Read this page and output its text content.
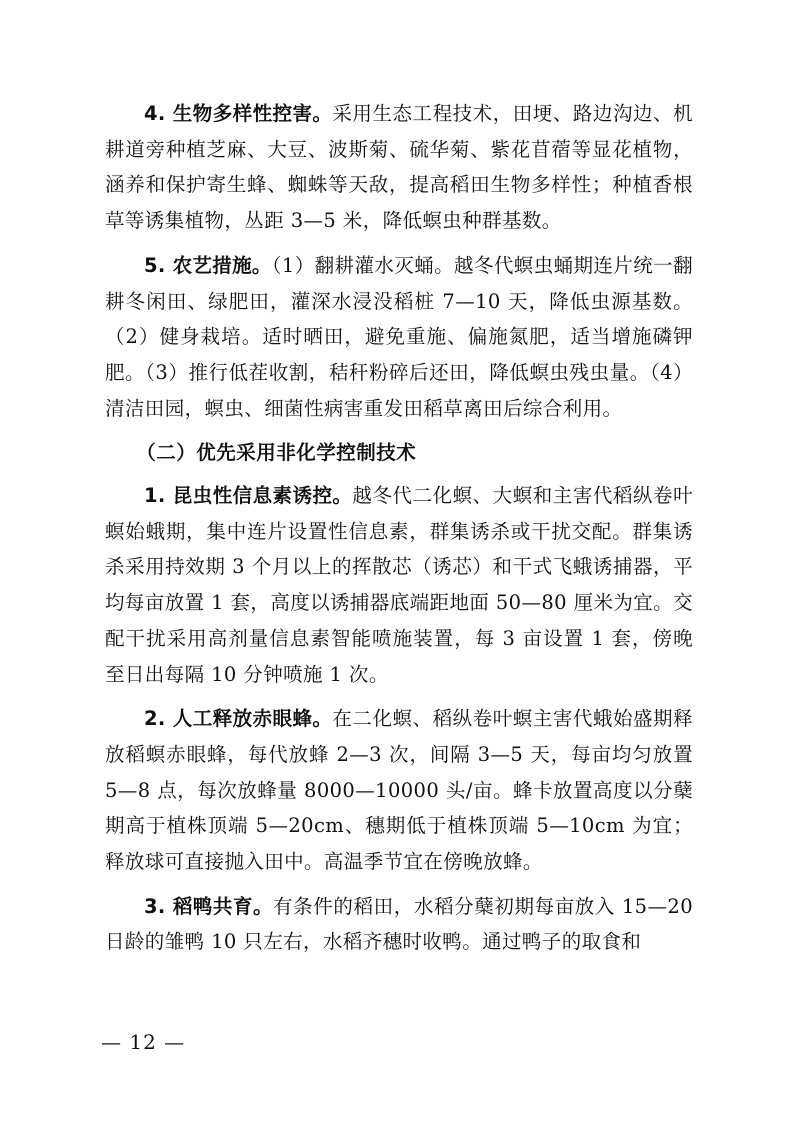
4. 生物多样性控害。采用生态工程技术，田埂、路边沟边、机耕道旁种植芝麻、大豆、波斯菊、硫华菊、紫花苜蓿等显花植物，涵养和保护寄生蜂、蜘蛛等天敌，提高稻田生物多样性；种植香根草等诱集植物，丛距 3—5 米，降低螟虫种群基数。

5. 农艺措施。（1）翻耕灌水灭蛹。越冬代螟虫蛹期连片统一翻耕冬闲田、绿肥田，灌深水浸没稻桩 7—10 天，降低虫源基数。（2）健身栽培。适时晒田，避免重施、偏施氮肥，适当增施磷钾肥。（3）推行低茬收割，秸秆粉碎后还田，降低螟虫残虫量。（4）清洁田园，螟虫、细菌性病害重发田稻草离田后综合利用。

（二）优先采用非化学控制技术

1. 昆虫性信息素诱控。越冬代二化螟、大螟和主害代稻纵卷叶螟始蛾期，集中连片设置性信息素，群集诱杀或干扰交配。群集诱杀采用持效期 3 个月以上的挥散芯（诱芯）和干式飞蛾诱捕器，平均每亩放置 1 套，高度以诱捕器底端距地面 50—80 厘米为宜。交配干扰采用高剂量信息素智能喷施装置，每 3 亩设置 1 套，傍晚至日出每隔 10 分钟喷施 1 次。

2. 人工释放赤眼蜂。在二化螟、稻纵卷叶螟主害代蛾始盛期释放稻螟赤眼蜂，每代放蜂 2—3 次，间隔 3—5 天，每亩均匀放置 5—8 点，每次放蜂量 8000—10000 头/亩。蜂卡放置高度以分蘖期高于植株顶端 5—20cm、穗期低于植株顶端 5—10cm 为宜；释放球可直接抛入田中。高温季节宜在傍晚放蜂。

3. 稻鸭共育。有条件的稻田，水稻分蘖初期每亩放入 15—20 日龄的雏鸭 10 只左右，水稻齐穗时收鸭。通过鸭子的取食和

— 12 —
